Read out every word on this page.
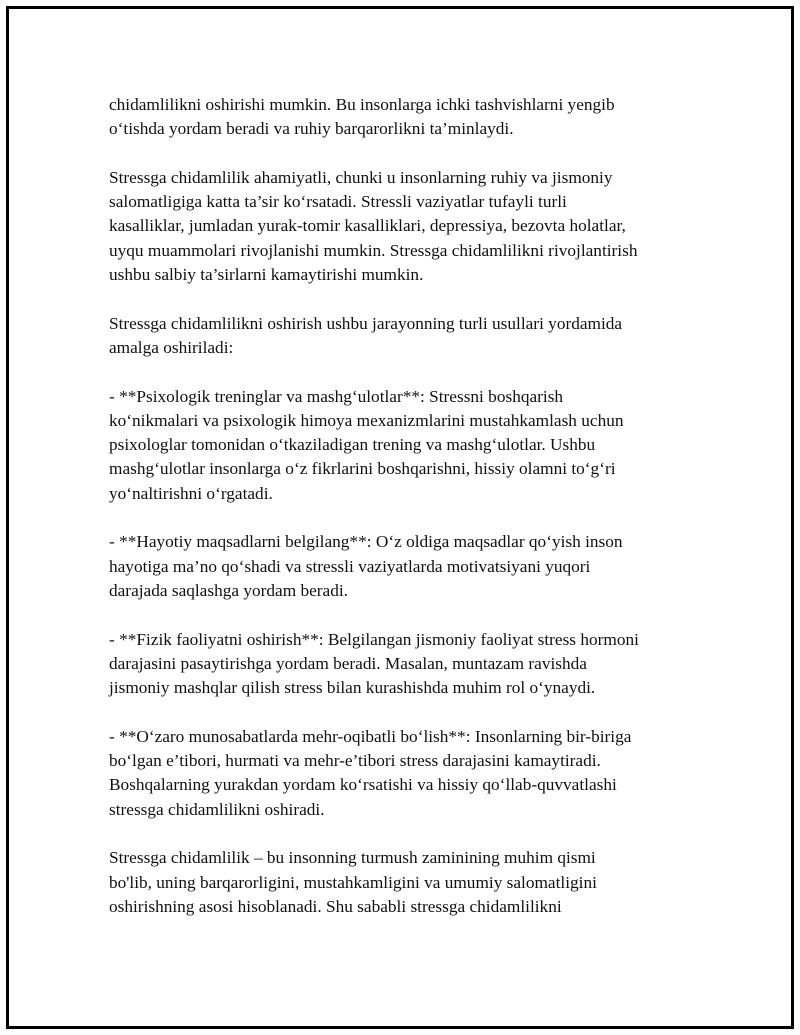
chidamlilikni oshirishi mumkin. Bu insonlarga ichki tashvishlarni yengib
o‘tishda yordam beradi va ruhiy barqarorlikni ta’minlaydi.

Stressga chidamlilik ahamiyatli, chunki u insonlarning ruhiy va jismoniy
salomatligiga katta ta’sir ko‘rsatadi. Stressli vaziyatlar tufayli turli
kasalliklar, jumladan yurak-tomir kasalliklari, depressiya, bezovta holatlar,
uyqu muammolari rivojlanishi mumkin. Stressga chidamlilikni rivojlantirish
ushbu salbiy ta’sirlarni kamaytirishi mumkin.

Stressga chidamlilikni oshirish ushbu jarayonning turli usullari yordamida
amalga oshiriladi:

- **Psixologik treninglar va mashg‘ulotlar**: Stressni boshqarish
ko‘nikmalari va psixologik himoya mexanizmlarini mustahkamlash uchun
psixologlar tomonidan o‘tkaziladigan trening va mashg‘ulotlar. Ushbu
mashg‘ulotlar insonlarga o‘z fikrlarini boshqarishni, hissiy olamni to‘g‘ri
yo‘naltirishni o‘rgatadi.

- **Hayotiy maqsadlarni belgilang**: O‘z oldiga maqsadlar qo‘yish inson
hayotiga ma’no qo‘shadi va stressli vaziyatlarda motivatsiyani yuqori
darajada saqlashga yordam beradi.

- **Fizik faoliyatni oshirish**: Belgilangan jismoniy faoliyat stress hormoni
darajasini pasaytirishga yordam beradi. Masalan, muntazam ravishda
jismoniy mashqlar qilish stress bilan kurashishda muhim rol o‘ynaydi.

- **O‘zaro munosabatlarda mehr-oqibatli bo‘lish**: Insonlarning bir-biriga
bo‘lgan e’tibori, hurmati va mehr-e’tibori stress darajasini kamaytiradi.
Boshqalarning yurakdan yordam ko‘rsatishi va hissiy qo‘llab-quvvatlashi
stressga chidamlilikni oshiradi.

Stressga chidamlilik – bu insonning turmush zaminining muhim qismi
bo'lib, uning barqarorligini, mustahkamligini va umumiy salomatligini
oshirishning asosi hisoblanadi. Shu sababli stressga chidamlilikni
